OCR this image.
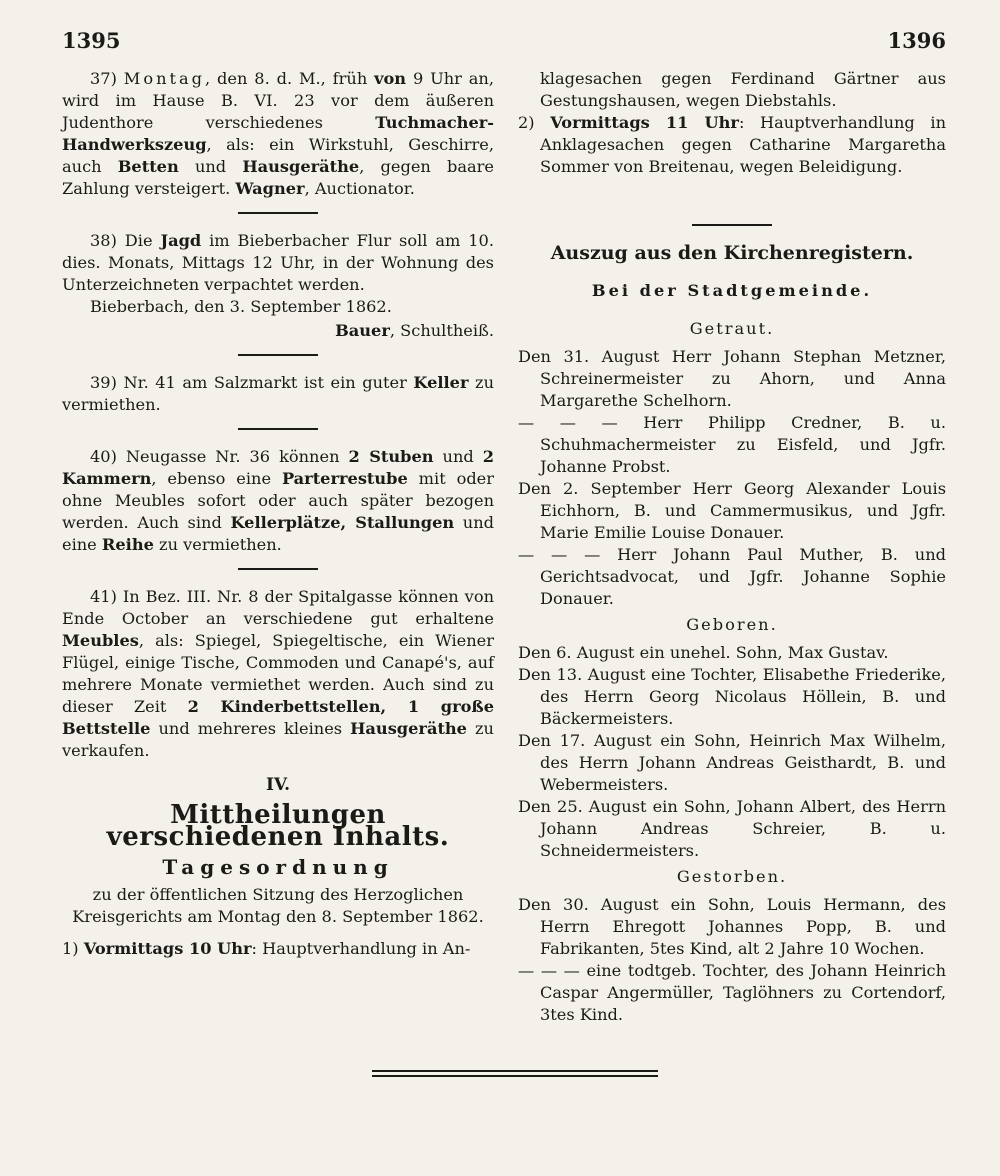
1395	1396

37) Montag, den 8. d. M., früh von 9 Uhr an, wird im Hause B. VI. 23 vor dem äußeren Judenthore verschiedenes Tuchmacher-Handwerkszeug, als: ein Wirkstuhl, Geschirre, auch Betten und Hausgeräthe, gegen baare Zahlung versteigert. Wagner, Auctionator.

38) Die Jagd im Bieberbacher Flur soll am 10. dies. Monats, Mittags 12 Uhr, in der Wohnung des Unterzeichneten verpachtet werden.

Bieberbach, den 3. September 1862.

Bauer, Schultheiß.

39) Nr. 41 am Salzmarkt ist ein guter Keller zu vermiethen.

40) Neugasse Nr. 36 können 2 Stuben und 2 Kammern, ebenso eine Parterrestube mit oder ohne Meubles sofort oder auch später bezogen werden. Auch sind Kellerplätze, Stallungen und eine Reihe zu vermiethen.

41) In Bez. III. Nr. 8 der Spitalgasse können von Ende October an verschiedene gut erhaltene Meubles, als: Spiegel, Spiegeltische, ein Wiener Flügel, einige Tische, Commoden und Canapé's, auf mehrere Monate vermiethet werden. Auch sind zu dieser Zeit 2 Kinderbettstellen, 1 große Bettstelle und mehreres kleines Hausgeräthe zu verkaufen.

IV.
Mittheilungen verschiedenen Inhalts.
Tagesordnung

zu der öffentlichen Sitzung des Herzoglichen Kreisgerichts am Montag den 8. September 1862.

1) Vormittags 10 Uhr: Hauptverhandlung in An-

klagesachen gegen Ferdinand Gärtner aus Gestungshausen, wegen Diebstahls.

2) Vormittags 11 Uhr: Hauptverhandlung in Anklagesachen gegen Catharine Margaretha Sommer von Breitenau, wegen Beleidigung.

Auszug aus den Kirchenregistern.
Bei der Stadtgemeinde.
Getraut.

Den 31. August Herr Johann Stephan Metzner, Schreinermeister zu Ahorn, und Anna Margarethe Schelhorn.

— — — Herr Philipp Credner, B. u. Schuhmachermeister zu Eisfeld, und Jgfr. Johanne Probst.

Den 2. September Herr Georg Alexander Louis Eichhorn, B. und Cammermusikus, und Jgfr. Marie Emilie Louise Donauer.

— — — Herr Johann Paul Muther, B. und Gerichtsadvocat, und Jgfr. Johanne Sophie Donauer.

Geboren.

Den 6. August ein unehel. Sohn, Max Gustav.

Den 13. August eine Tochter, Elisabethe Friederike, des Herrn Georg Nicolaus Höllein, B. und Bäckermeisters.

Den 17. August ein Sohn, Heinrich Max Wilhelm, des Herrn Johann Andreas Geisthardt, B. und Webermeisters.

Den 25. August ein Sohn, Johann Albert, des Herrn Johann Andreas Schreier, B. u. Schneidermeisters.

Gestorben.

Den 30. August ein Sohn, Louis Hermann, des Herrn Ehregott Johannes Popp, B. und Fabrikanten, 5tes Kind, alt 2 Jahre 10 Wochen.

— — — eine todtgeb. Tochter, des Johann Heinrich Caspar Angermüller, Taglöhners zu Cortendorf, 3tes Kind.
